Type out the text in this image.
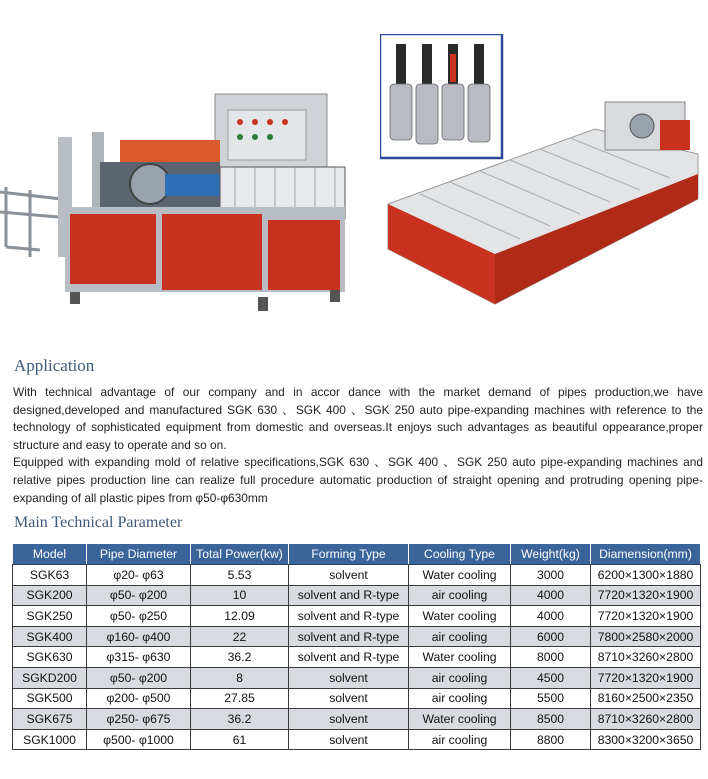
Application

With technical advantage of our company and in accor dance with the market demand of pipes production,we have designed,developed and manufactured SGK 630 、SGK 400 、SGK 250 auto pipe-expanding machines with reference to the technology of sophisticated equipment from domestic and overseas.It enjoys such advantages as beautiful oppearance,proper structure and easy to operate and so on.

Equipped with expanding mold of relative specifications,SGK 630 、SGK 400 、SGK 250 auto pipe-expanding machines and relative pipes production line can realize full procedure automatic production of straight opening and protruding opening pipe-expanding of all plastic pipes from φ50-φ630mm

Main Technical Parameter
Model	Pipe Diameter	Total Power(kw)	Forming Type	Cooling Type	Weight(kg)	Diamension(mm)
SGK63	φ20- φ63	5.53	solvent	Water cooling	3000	6200×1300×1880
SGK200	φ50- φ200	10	solvent and R-type	air cooling	4000	7720×1320×1900
SGK250	φ50- φ250	12.09	solvent and R-type	Water cooling	4000	7720×1320×1900
SGK400	φ160- φ400	22	solvent and R-type	air cooling	6000	7800×2580×2000
SGK630	φ315- φ630	36.2	solvent and R-type	Water cooling	8000	8710×3260×2800
SGKD200	φ50- φ200	8	solvent	air cooling	4500	7720×1320×1900
SGK500	φ200- φ500	27.85	solvent	air cooling	5500	8160×2500×2350
SGK675	φ250- φ675	36.2	solvent	Water cooling	8500	8710×3260×2800
SGK1000	φ500- φ1000	61	solvent	air cooling	8800	8300×3200×3650
